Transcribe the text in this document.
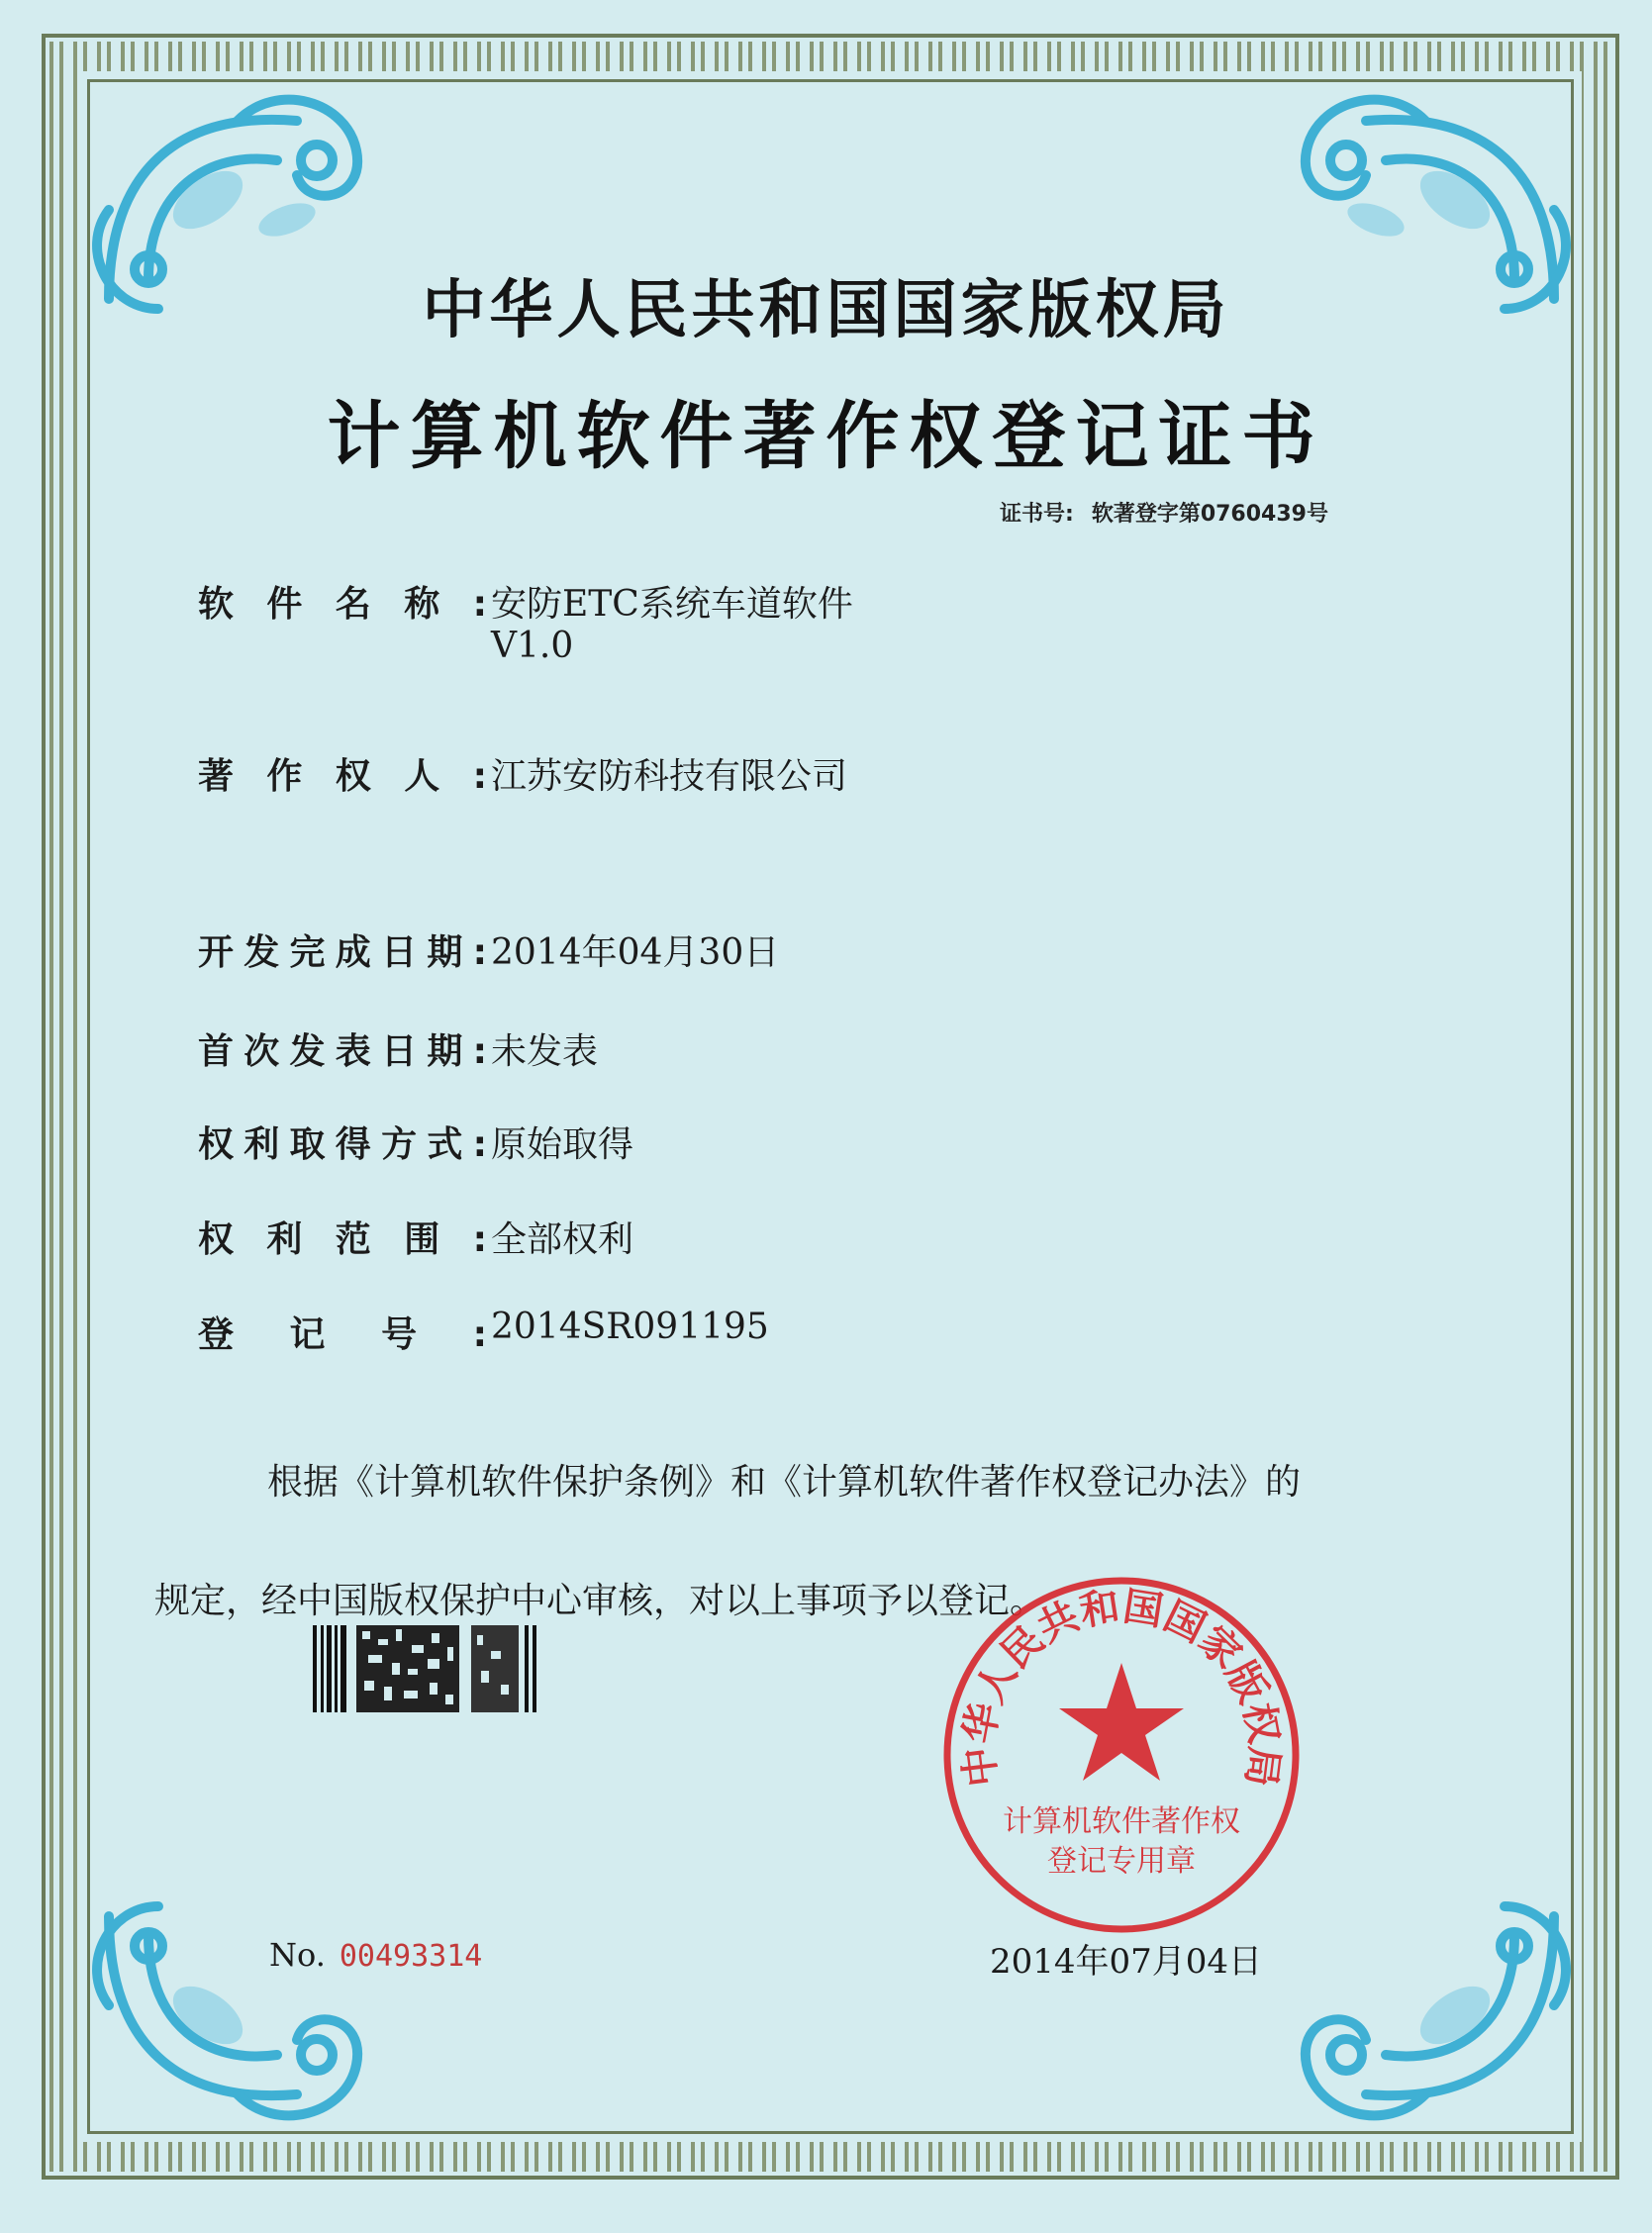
中华人民共和国国家版权局
计算机软件著作权登记证书
证书号: 软著登字第0760439号
软件名称: 安防ETC系统车道软件
V1.0
著作权人: 江苏安防科技有限公司
开发完成日期: 2014年04月30日
首次发表日期: 未发表
权利取得方式: 原始取得
权利范围: 全部权利
登记号: 2014SR091195
根据《计算机软件保护条例》和《计算机软件著作权登记办法》的
规定，经中国版权保护中心审核，对以上事项予以登记。
中华人民共和国国家版权局
计算机软件著作权
登记专用章
No. 00493314	2014年07月04日
